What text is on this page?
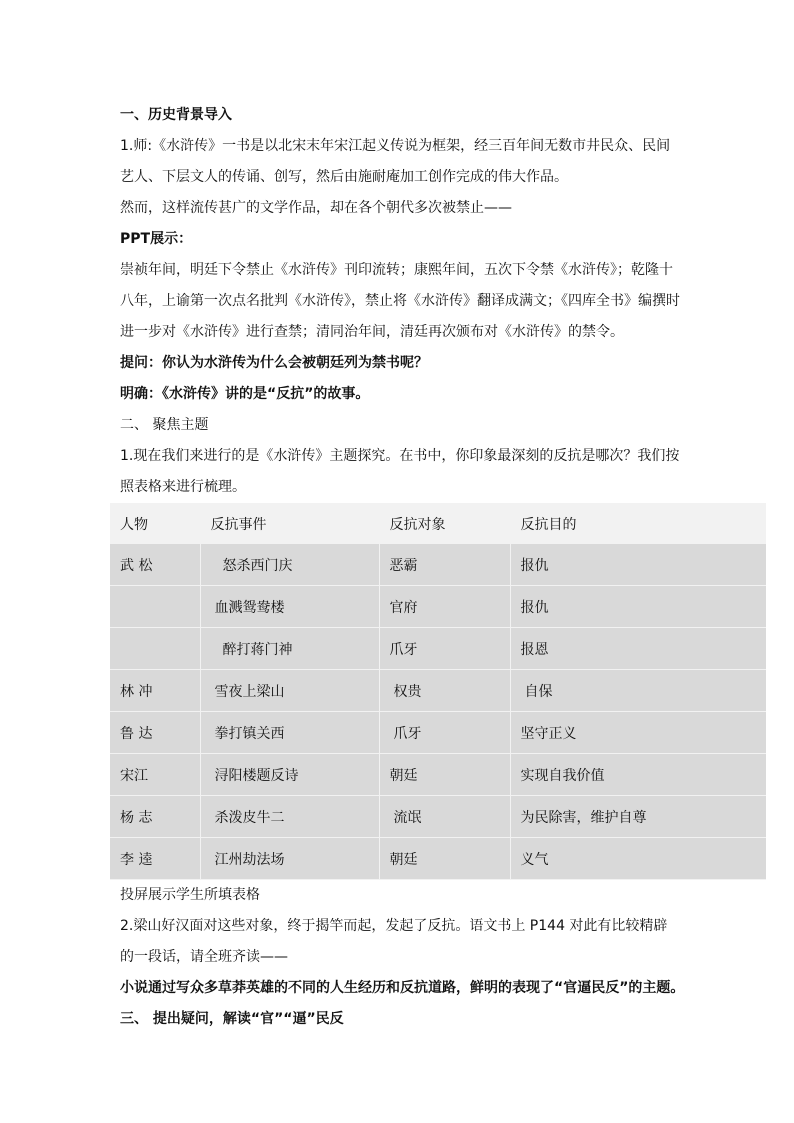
一、历史背景导入

1.师:《水浒传》一书是以北宋末年宋江起义传说为框架，经三百年间无数市井民众、民间艺人、下层文人的传诵、创写，然后由施耐庵加工创作完成的伟大作品。

然而，这样流传甚广的文学作品，却在各个朝代多次被禁止——

PPT展示：

崇祯年间，明廷下令禁止《水浒传》刊印流转；康熙年间，五次下令禁《水浒传》；乾隆十八年，上谕第一次点名批判《水浒传》，禁止将《水浒传》翻译成满文；《四库全书》编撰时进一步对《水浒传》进行查禁；清同治年间，清廷再次颁布对《水浒传》的禁令。

提问：你认为水浒传为什么会被朝廷列为禁书呢？

明确：《水浒传》讲的是“反抗”的故事。

二、 聚焦主题

1.现在我们来进行的是《水浒传》主题探究。在书中，你印象最深刻的反抗是哪次？我们按照表格来进行梳理。

人物	反抗事件	反抗对象	反抗目的
武 松	怒杀西门庆	恶霸	报仇
	血溅鸳鸯楼	官府	报仇
	醉打蒋门神	爪牙	报恩
林 冲	雪夜上梁山	权贵	自保
鲁 达	拳打镇关西	爪牙	坚守正义
宋江	浔阳楼题反诗	朝廷	实现自我价值
杨 志	杀泼皮牛二	流氓	为民除害，维护自尊
李 逵	江州劫法场	朝廷	义气

投屏展示学生所填表格

2.梁山好汉面对这些对象，终于揭竿而起，发起了反抗。语文书上 P144 对此有比较精辟的一段话，请全班齐读——

小说通过写众多草莽英雄的不同的人生经历和反抗道路，鲜明的表现了“官逼民反”的主题。

三、 提出疑问，解读“官”“逼”民反
